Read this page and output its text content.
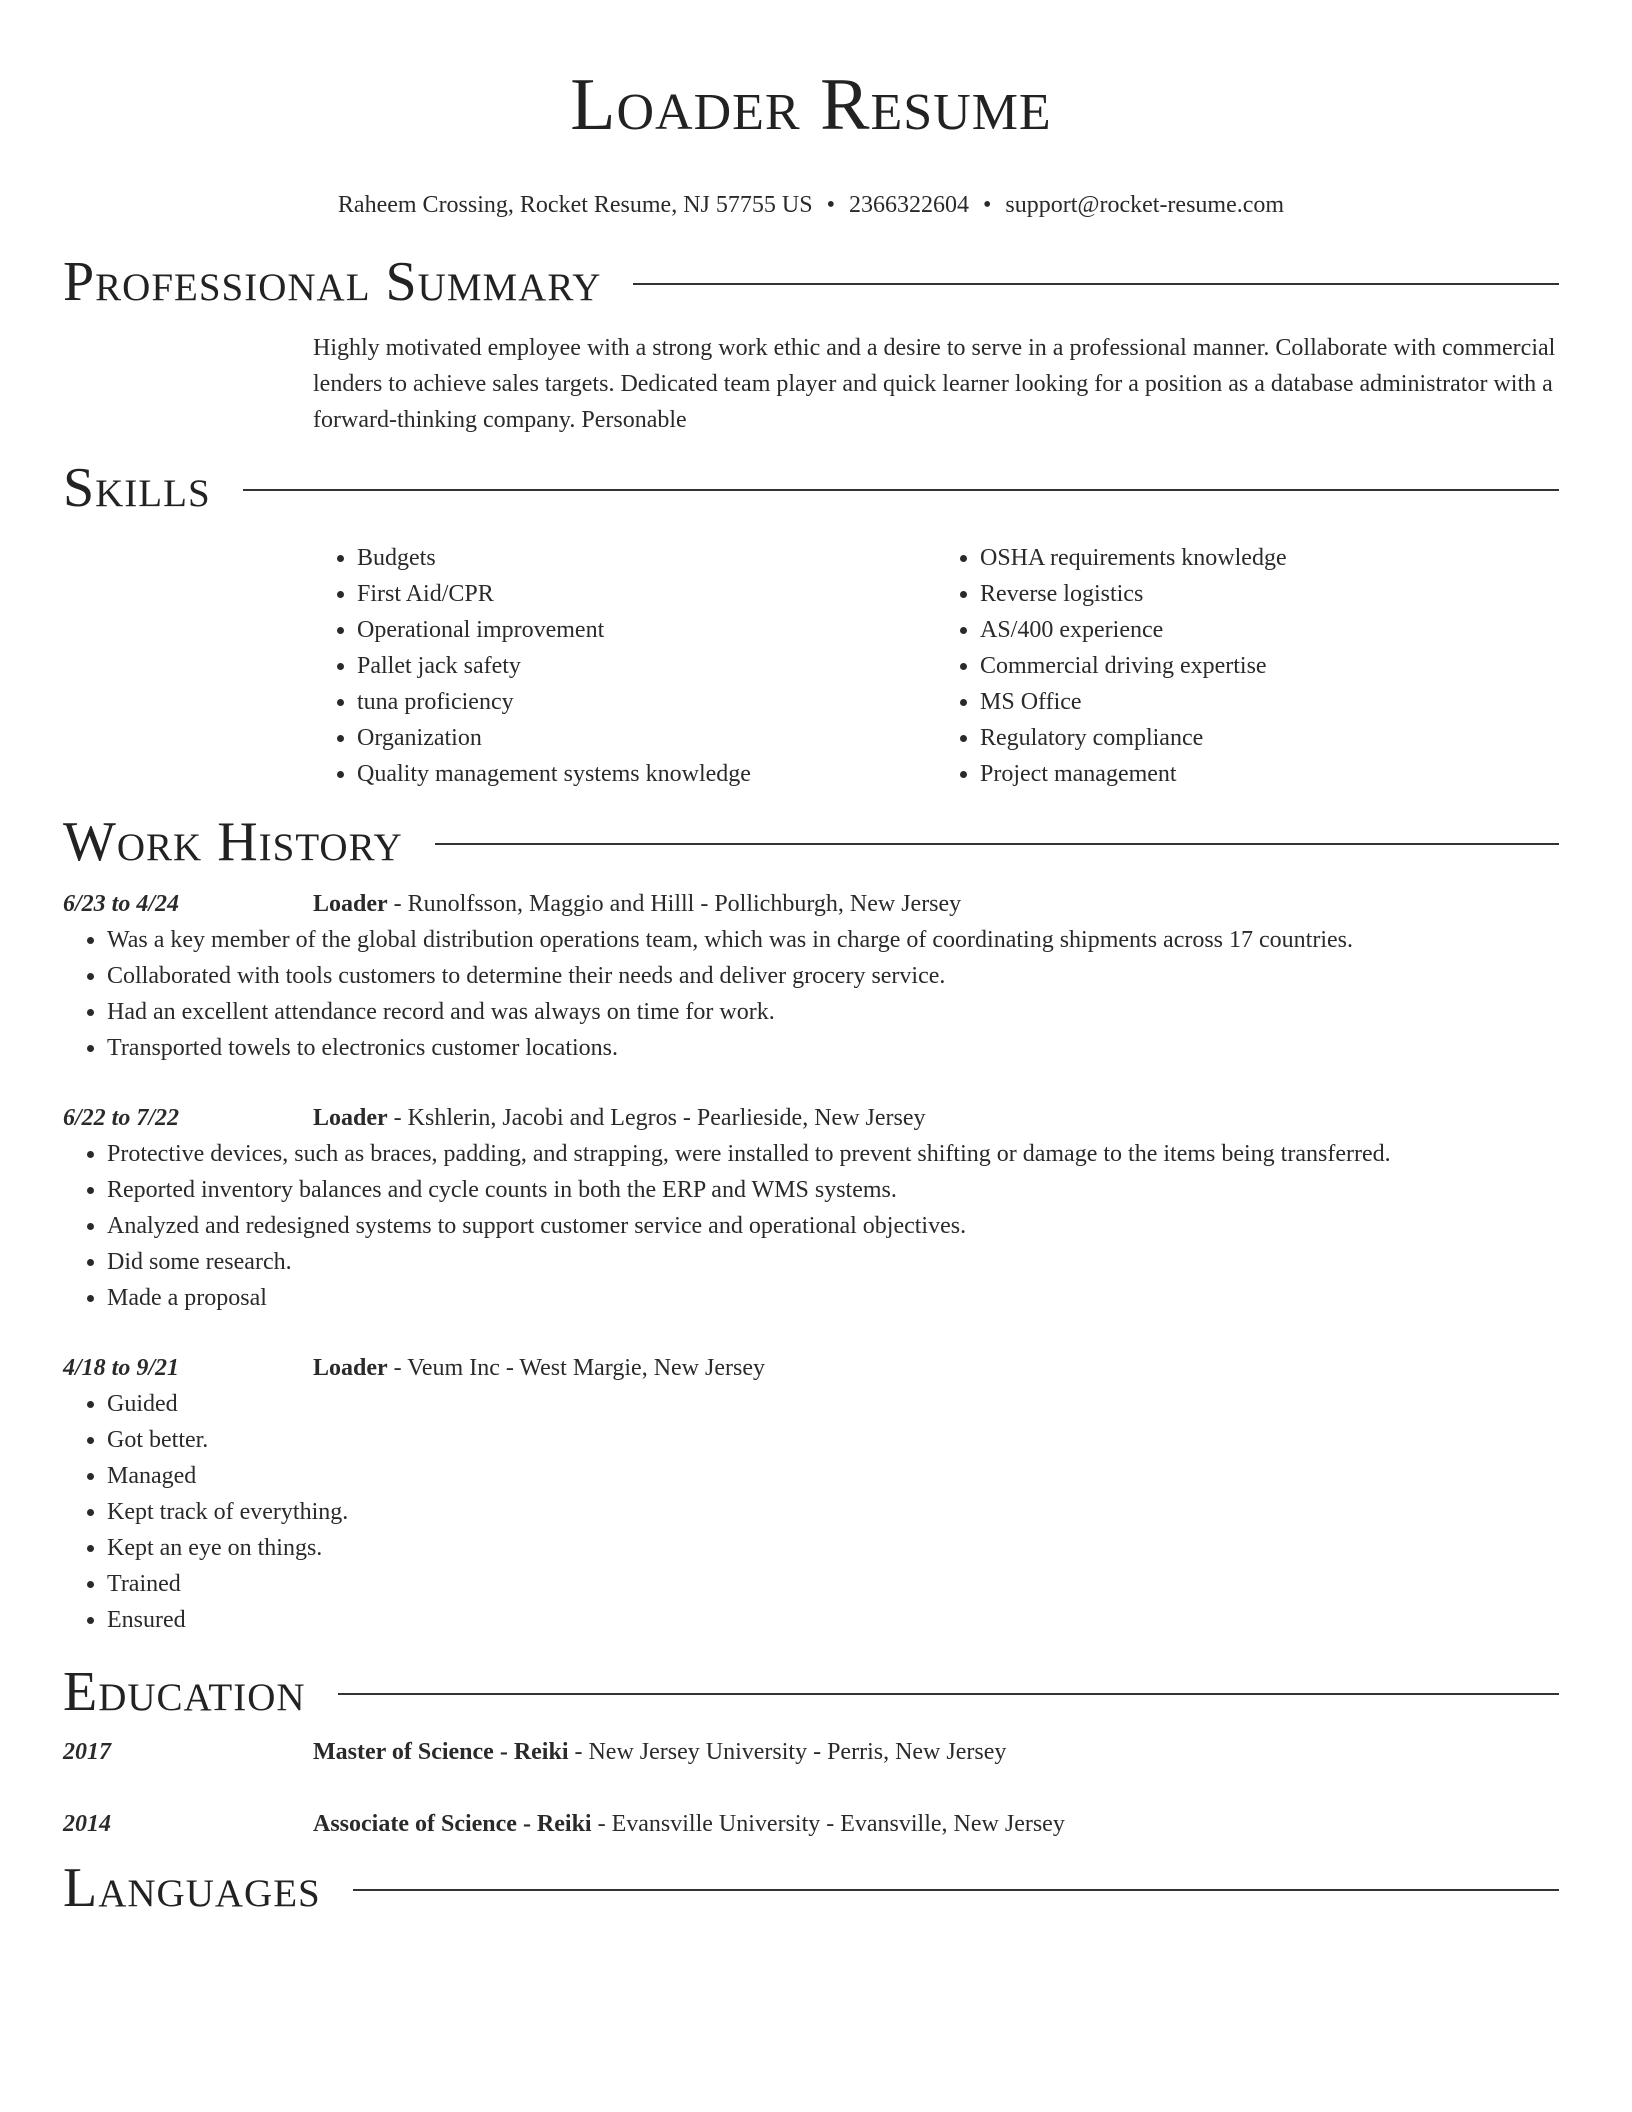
Loader Resume
Raheem Crossing, Rocket Resume, NJ 57755 US • 2366322604 • support@rocket-resume.com
Professional Summary
Highly motivated employee with a strong work ethic and a desire to serve in a professional manner. Collaborate with commercial lenders to achieve sales targets. Dedicated team player and quick learner looking for a position as a database administrator with a forward-thinking company. Personable
Skills
• Budgets
• First Aid/CPR
• Operational improvement
• Pallet jack safety
• tuna proficiency
• Organization
• Quality management systems knowledge
• OSHA requirements knowledge
• Reverse logistics
• AS/400 experience
• Commercial driving expertise
• MS Office
• Regulatory compliance
• Project management
Work History
6/23 to 4/24	Loader - Runolfsson, Maggio and Hilll - Pollichburgh, New Jersey
• Was a key member of the global distribution operations team, which was in charge of coordinating shipments across 17 countries.
• Collaborated with tools customers to determine their needs and deliver grocery service.
• Had an excellent attendance record and was always on time for work.
• Transported towels to electronics customer locations.
6/22 to 7/22	Loader - Kshlerin, Jacobi and Legros - Pearlieside, New Jersey
• Protective devices, such as braces, padding, and strapping, were installed to prevent shifting or damage to the items being transferred.
• Reported inventory balances and cycle counts in both the ERP and WMS systems.
• Analyzed and redesigned systems to support customer service and operational objectives.
• Did some research.
• Made a proposal
4/18 to 9/21	Loader - Veum Inc - West Margie, New Jersey
• Guided
• Got better.
• Managed
• Kept track of everything.
• Kept an eye on things.
• Trained
• Ensured
Education
2017	Master of Science - Reiki - New Jersey University - Perris, New Jersey
2014	Associate of Science - Reiki - Evansville University - Evansville, New Jersey
Languages
